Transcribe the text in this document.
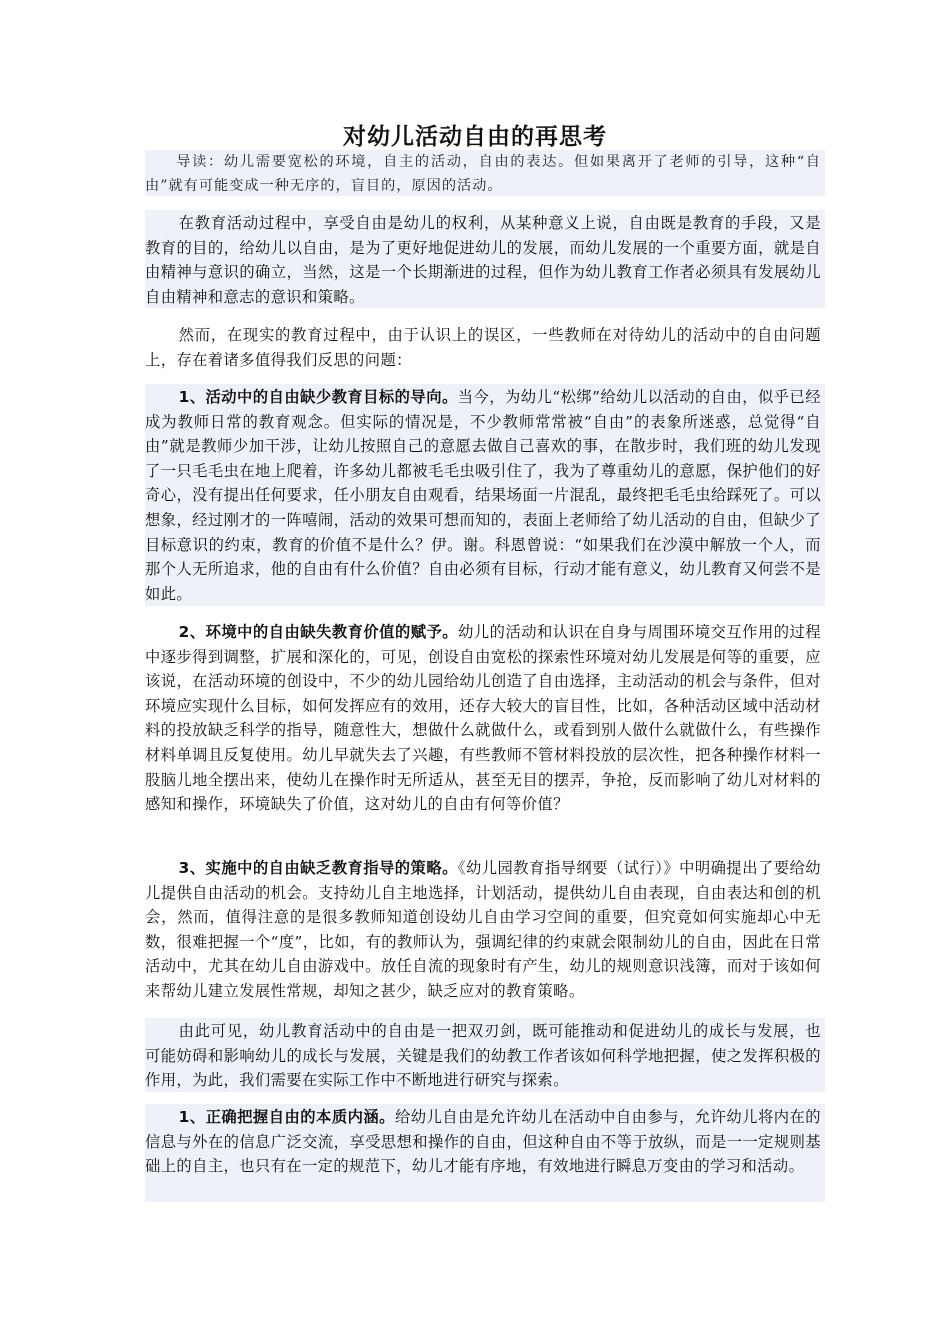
对幼儿活动自由的再思考

导读：幼儿需要宽松的环境，自主的活动，自由的表达。但如果离开了老师的引导，这种“自由”就有可能变成一种无序的，盲目的，原因的活动。

在教育活动过程中，享受自由是幼儿的权利，从某种意义上说，自由既是教育的手段，又是教育的目的，给幼儿以自由，是为了更好地促进幼儿的发展，而幼儿发展的一个重要方面，就是自由精神与意识的确立，当然，这是一个长期渐进的过程，但作为幼儿教育工作者必须具有发展幼儿自由精神和意志的意识和策略。

然而，在现实的教育过程中，由于认识上的误区，一些教师在对待幼儿的活动中的自由问题上，存在着诸多值得我们反思的问题：

1、活动中的自由缺少教育目标的导向。当今，为幼儿“松绑”给幼儿以活动的自由，似乎已经成为教师日常的教育观念。但实际的情况是，不少教师常常被“自由”的表象所迷惑，总觉得“自由”就是教师少加干涉，让幼儿按照自己的意愿去做自己喜欢的事，在散步时，我们班的幼儿发现了一只毛毛虫在地上爬着，许多幼儿都被毛毛虫吸引住了，我为了尊重幼儿的意愿，保护他们的好奇心，没有提出任何要求，任小朋友自由观看，结果场面一片混乱，最终把毛毛虫给踩死了。可以想象，经过刚才的一阵嘻闹，活动的效果可想而知的，表面上老师给了幼儿活动的自由，但缺少了目标意识的约束，教育的价值不是什么？伊。谢。科恩曾说：“如果我们在沙漠中解放一个人，而那个人无所追求，他的自由有什么价值？自由必须有目标，行动才能有意义，幼儿教育又何尝不是如此。

2、环境中的自由缺失教育价值的赋予。幼儿的活动和认识在自身与周围环境交互作用的过程中逐步得到调整，扩展和深化的，可见，创设自由宽松的探索性环境对幼儿发展是何等的重要，应该说，在活动环境的创设中，不少的幼儿园给幼儿创造了自由选择，主动活动的机会与条件，但对环境应实现什么目标，如何发挥应有的效用，还存大较大的盲目性，比如，各种活动区域中活动材料的投放缺乏科学的指导，随意性大，想做什么就做什么，或看到别人做什么就做什么，有些操作材料单调且反复使用。幼儿早就失去了兴趣，有些教师不管材料投放的层次性，把各种操作材料一股脑儿地全摆出来，使幼儿在操作时无所适从，甚至无目的摆弄，争抢，反而影响了幼儿对材料的感知和操作，环境缺失了价值，这对幼儿的自由有何等价值？

3、实施中的自由缺乏教育指导的策略。《幼儿园教育指导纲要（试行）》中明确提出了要给幼儿提供自由活动的机会。支持幼儿自主地选择，计划活动，提供幼儿自由表现，自由表达和创的机会，然而，值得注意的是很多教师知道创设幼儿自由学习空间的重要，但究竟如何实施却心中无数，很难把握一个“度”，比如，有的教师认为，强调纪律的约束就会限制幼儿的自由，因此在日常活动中，尤其在幼儿自由游戏中。放任自流的现象时有产生，幼儿的规则意识浅簿，而对于该如何来帮幼儿建立发展性常规，却知之甚少，缺乏应对的教育策略。

由此可见，幼儿教育活动中的自由是一把双刃剑，既可能推动和促进幼儿的成长与发展，也可能妨碍和影响幼儿的成长与发展，关键是我们的幼教工作者该如何科学地把握，使之发挥积极的作用，为此，我们需要在实际工作中不断地进行研究与探索。

1、正确把握自由的本质内涵。给幼儿自由是允许幼儿在活动中自由参与，允许幼儿将内在的信息与外在的信息广泛交流，享受思想和操作的自由，但这种自由不等于放纵，而是一一定规则基础上的自主，也只有在一定的规范下，幼儿才能有序地，有效地进行瞬息万变由的学习和活动。
